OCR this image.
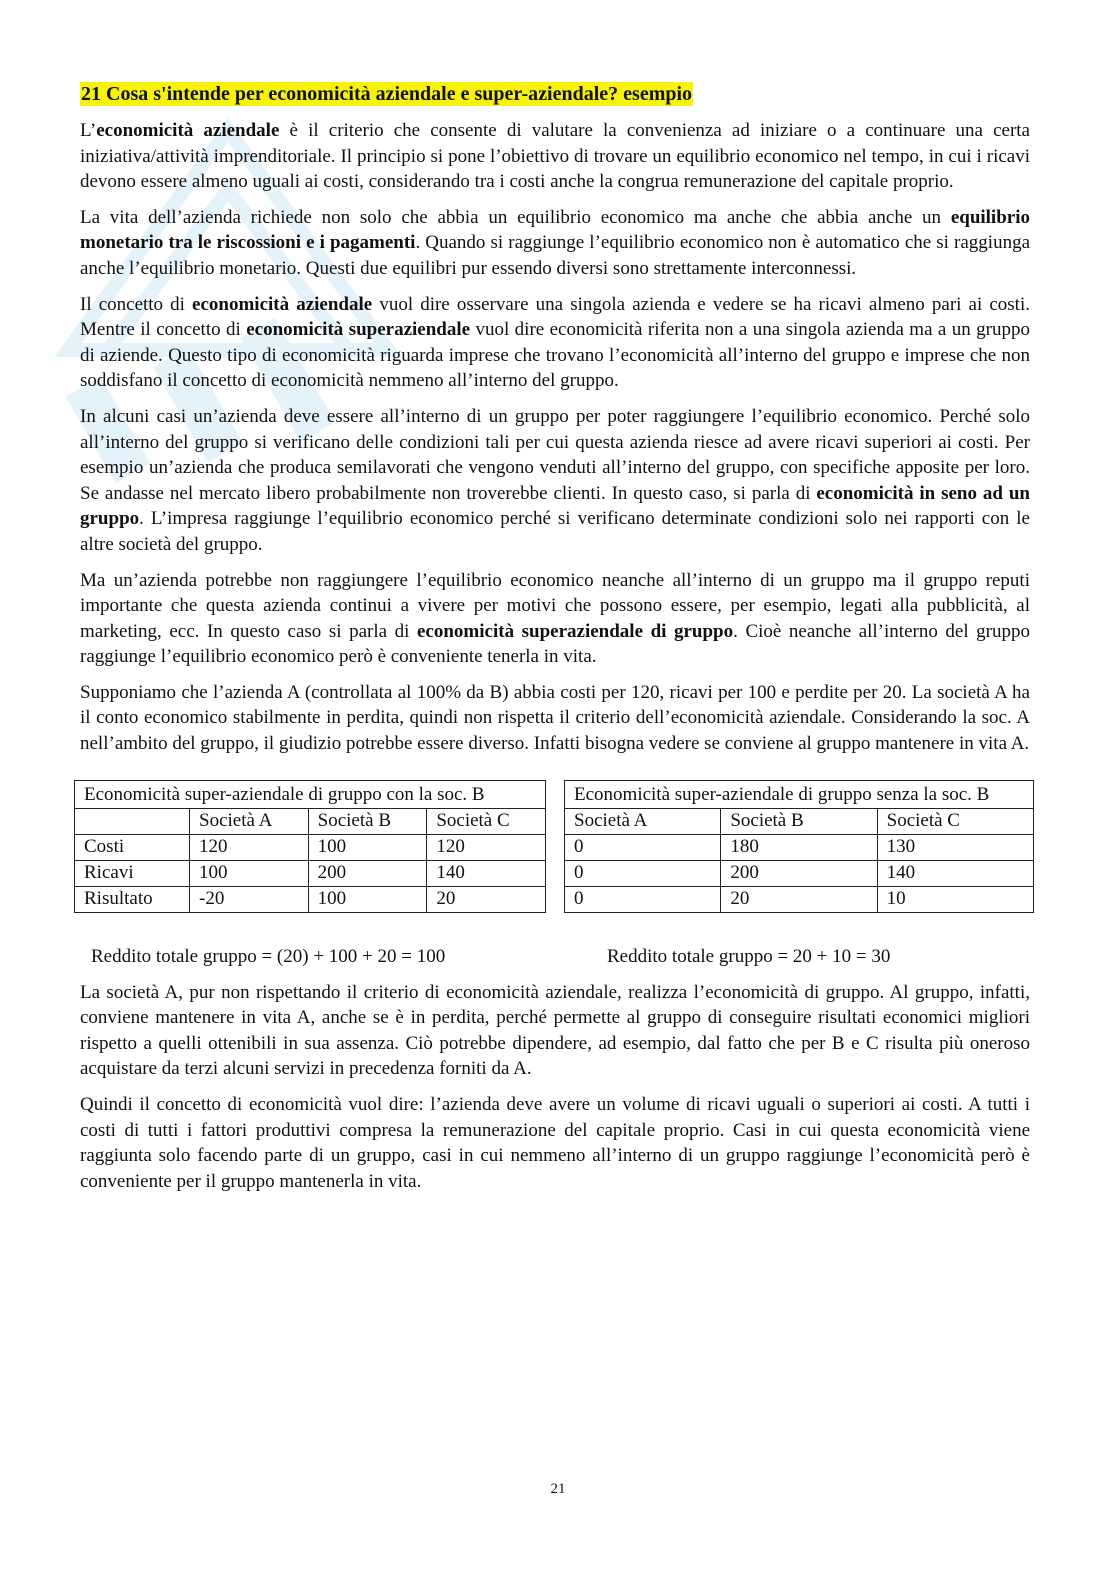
21 Cosa s'intende per economicità aziendale e super-aziendale? esempio

L’economicità aziendale è il criterio che consente di valutare la convenienza ad iniziare o a continuare una certa iniziativa/attività imprenditoriale. Il principio si pone l’obiettivo di trovare un equilibrio economico nel tempo, in cui i ricavi devono essere almeno uguali ai costi, considerando tra i costi anche la congrua remunerazione del capitale proprio.

La vita dell’azienda richiede non solo che abbia un equilibrio economico ma anche che abbia anche un equilibrio monetario tra le riscossioni e i pagamenti. Quando si raggiunge l’equilibrio economico non è automatico che si raggiunga anche l’equilibrio monetario. Questi due equilibri pur essendo diversi sono strettamente interconnessi.

Il concetto di economicità aziendale vuol dire osservare una singola azienda e vedere se ha ricavi almeno pari ai costi. Mentre il concetto di economicità superaziendale vuol dire economicità riferita non a una singola azienda ma a un gruppo di aziende. Questo tipo di economicità riguarda imprese che trovano l’economicità all’interno del gruppo e imprese che non soddisfano il concetto di economicità nemmeno all’interno del gruppo.

In alcuni casi un’azienda deve essere all’interno di un gruppo per poter raggiungere l’equilibrio economico. Perché solo all’interno del gruppo si verificano delle condizioni tali per cui questa azienda riesce ad avere ricavi superiori ai costi. Per esempio un’azienda che produca semilavorati che vengono venduti all’interno del gruppo, con specifiche apposite per loro. Se andasse nel mercato libero probabilmente non troverebbe clienti. In questo caso, si parla di economicità in seno ad un gruppo. L’impresa raggiunge l’equilibrio economico perché si verificano determinate condizioni solo nei rapporti con le altre società del gruppo.

Ma un’azienda potrebbe non raggiungere l’equilibrio economico neanche all’interno di un gruppo ma il gruppo reputi importante che questa azienda continui a vivere per motivi che possono essere, per esempio, legati alla pubblicità, al marketing, ecc. In questo caso si parla di economicità superaziendale di gruppo. Cioè neanche all’interno del gruppo raggiunge l’equilibrio economico però è conveniente tenerla in vita.

Supponiamo che l’azienda A (controllata al 100% da B) abbia costi per 120, ricavi per 100 e perdite per 20. La società A ha il conto economico stabilmente in perdita, quindi non rispetta il criterio dell’economicità aziendale. Considerando la soc. A nell’ambito del gruppo, il giudizio potrebbe essere diverso. Infatti bisogna vedere se conviene al gruppo mantenere in vita A.

Economicità super-aziendale di gruppo con la soc. B			
	Società A	Società B	Società C
Costi	120	100	120
Ricavi	100	200	140
Risultato	-20	100	20
Economicità super-aziendale di gruppo senza la soc. B		
Società A	Società B	Società C
0	180	130
0	200	140
0	20	10
Reddito totale gruppo = (20) + 100 + 20 = 100	Reddito totale gruppo = 20 + 10 = 30

La società A, pur non rispettando il criterio di economicità aziendale, realizza l’economicità di gruppo. Al gruppo, infatti, conviene mantenere in vita A, anche se è in perdita, perché permette al gruppo di conseguire risultati economici migliori rispetto a quelli ottenibili in sua assenza. Ciò potrebbe dipendere, ad esempio, dal fatto che per B e C risulta più oneroso acquistare da terzi alcuni servizi in precedenza forniti da A.

Quindi il concetto di economicità vuol dire: l’azienda deve avere un volume di ricavi uguali o superiori ai costi. A tutti i costi di tutti i fattori produttivi compresa la remunerazione del capitale proprio. Casi in cui questa economicità viene raggiunta solo facendo parte di un gruppo, casi in cui nemmeno all’interno di un gruppo raggiunge l’economicità però è conveniente per il gruppo mantenerla in vita.

21
